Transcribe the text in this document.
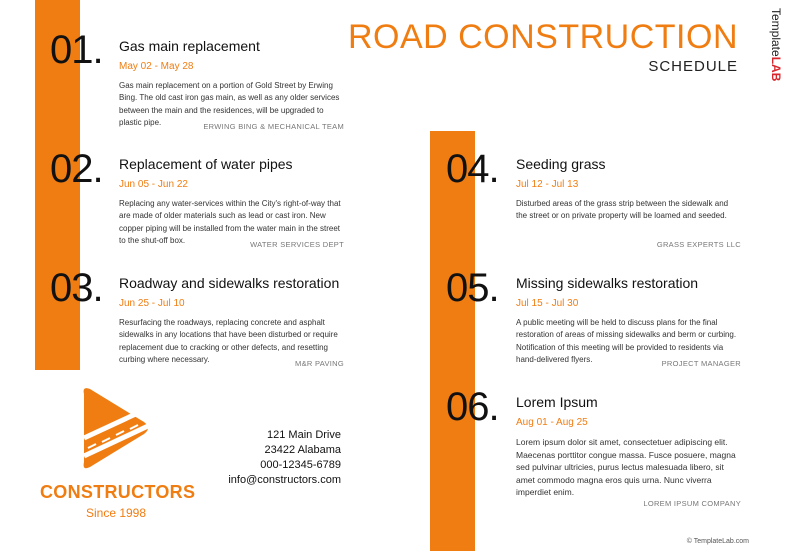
ROAD CONSTRUCTION
SCHEDULE
TemplateLAB
01. Gas main replacement
May 02 - May 28
Gas main replacement on a portion of Gold Street by Erwing Bing. The old cast iron gas main, as well as any older services between the main and the residences, will be upgraded to plastic pipe.	ERWING BING & MECHANICAL TEAM
02. Replacement of water pipes
Jun 05 - Jun 22
Replacing any water-services within the City's right-of-way that are made of older materials such as lead or cast iron. New copper piping will be installed from the water main in the street to the shut-off box.	WATER SERVICES DEPT
03. Roadway and sidewalks restoration
Jun 25 - Jul 10
Resurfacing the roadways, replacing concrete and asphalt sidewalks in any locations that have been disturbed or require replacement due to cracking or other defects, and resetting curbing where necessary.	M&R PAVING
04. Seeding grass
Jul 12 - Jul 13
Disturbed areas of the grass strip between the sidewalk and the street or on private property will be loamed and seeded.
GRASS EXPERTS LLC
05. Missing sidewalks restoration
Jul 15 - Jul 30
A public meeting will be held to discuss plans for the final restoration of areas of missing sidewalks and berm or curbing. Notification of this meeting will be provided to residents via hand-delivered flyers.	PROJECT MANAGER
06. Lorem Ipsum
Aug 01 - Aug 25
Lorem ipsum dolor sit amet, consectetuer adipiscing elit. Maecenas porttitor congue massa. Fusce posuere, magna sed pulvinar ultricies, purus lectus malesuada libero, sit amet commodo magna eros quis urna. Nunc viverra imperdiet enim.
LOREM IPSUM COMPANY
CONSTRUCTORS
Since 1998
121 Main Drive
23422 Alabama
000-12345-6789
info@constructors.com
© TemplateLab.com
